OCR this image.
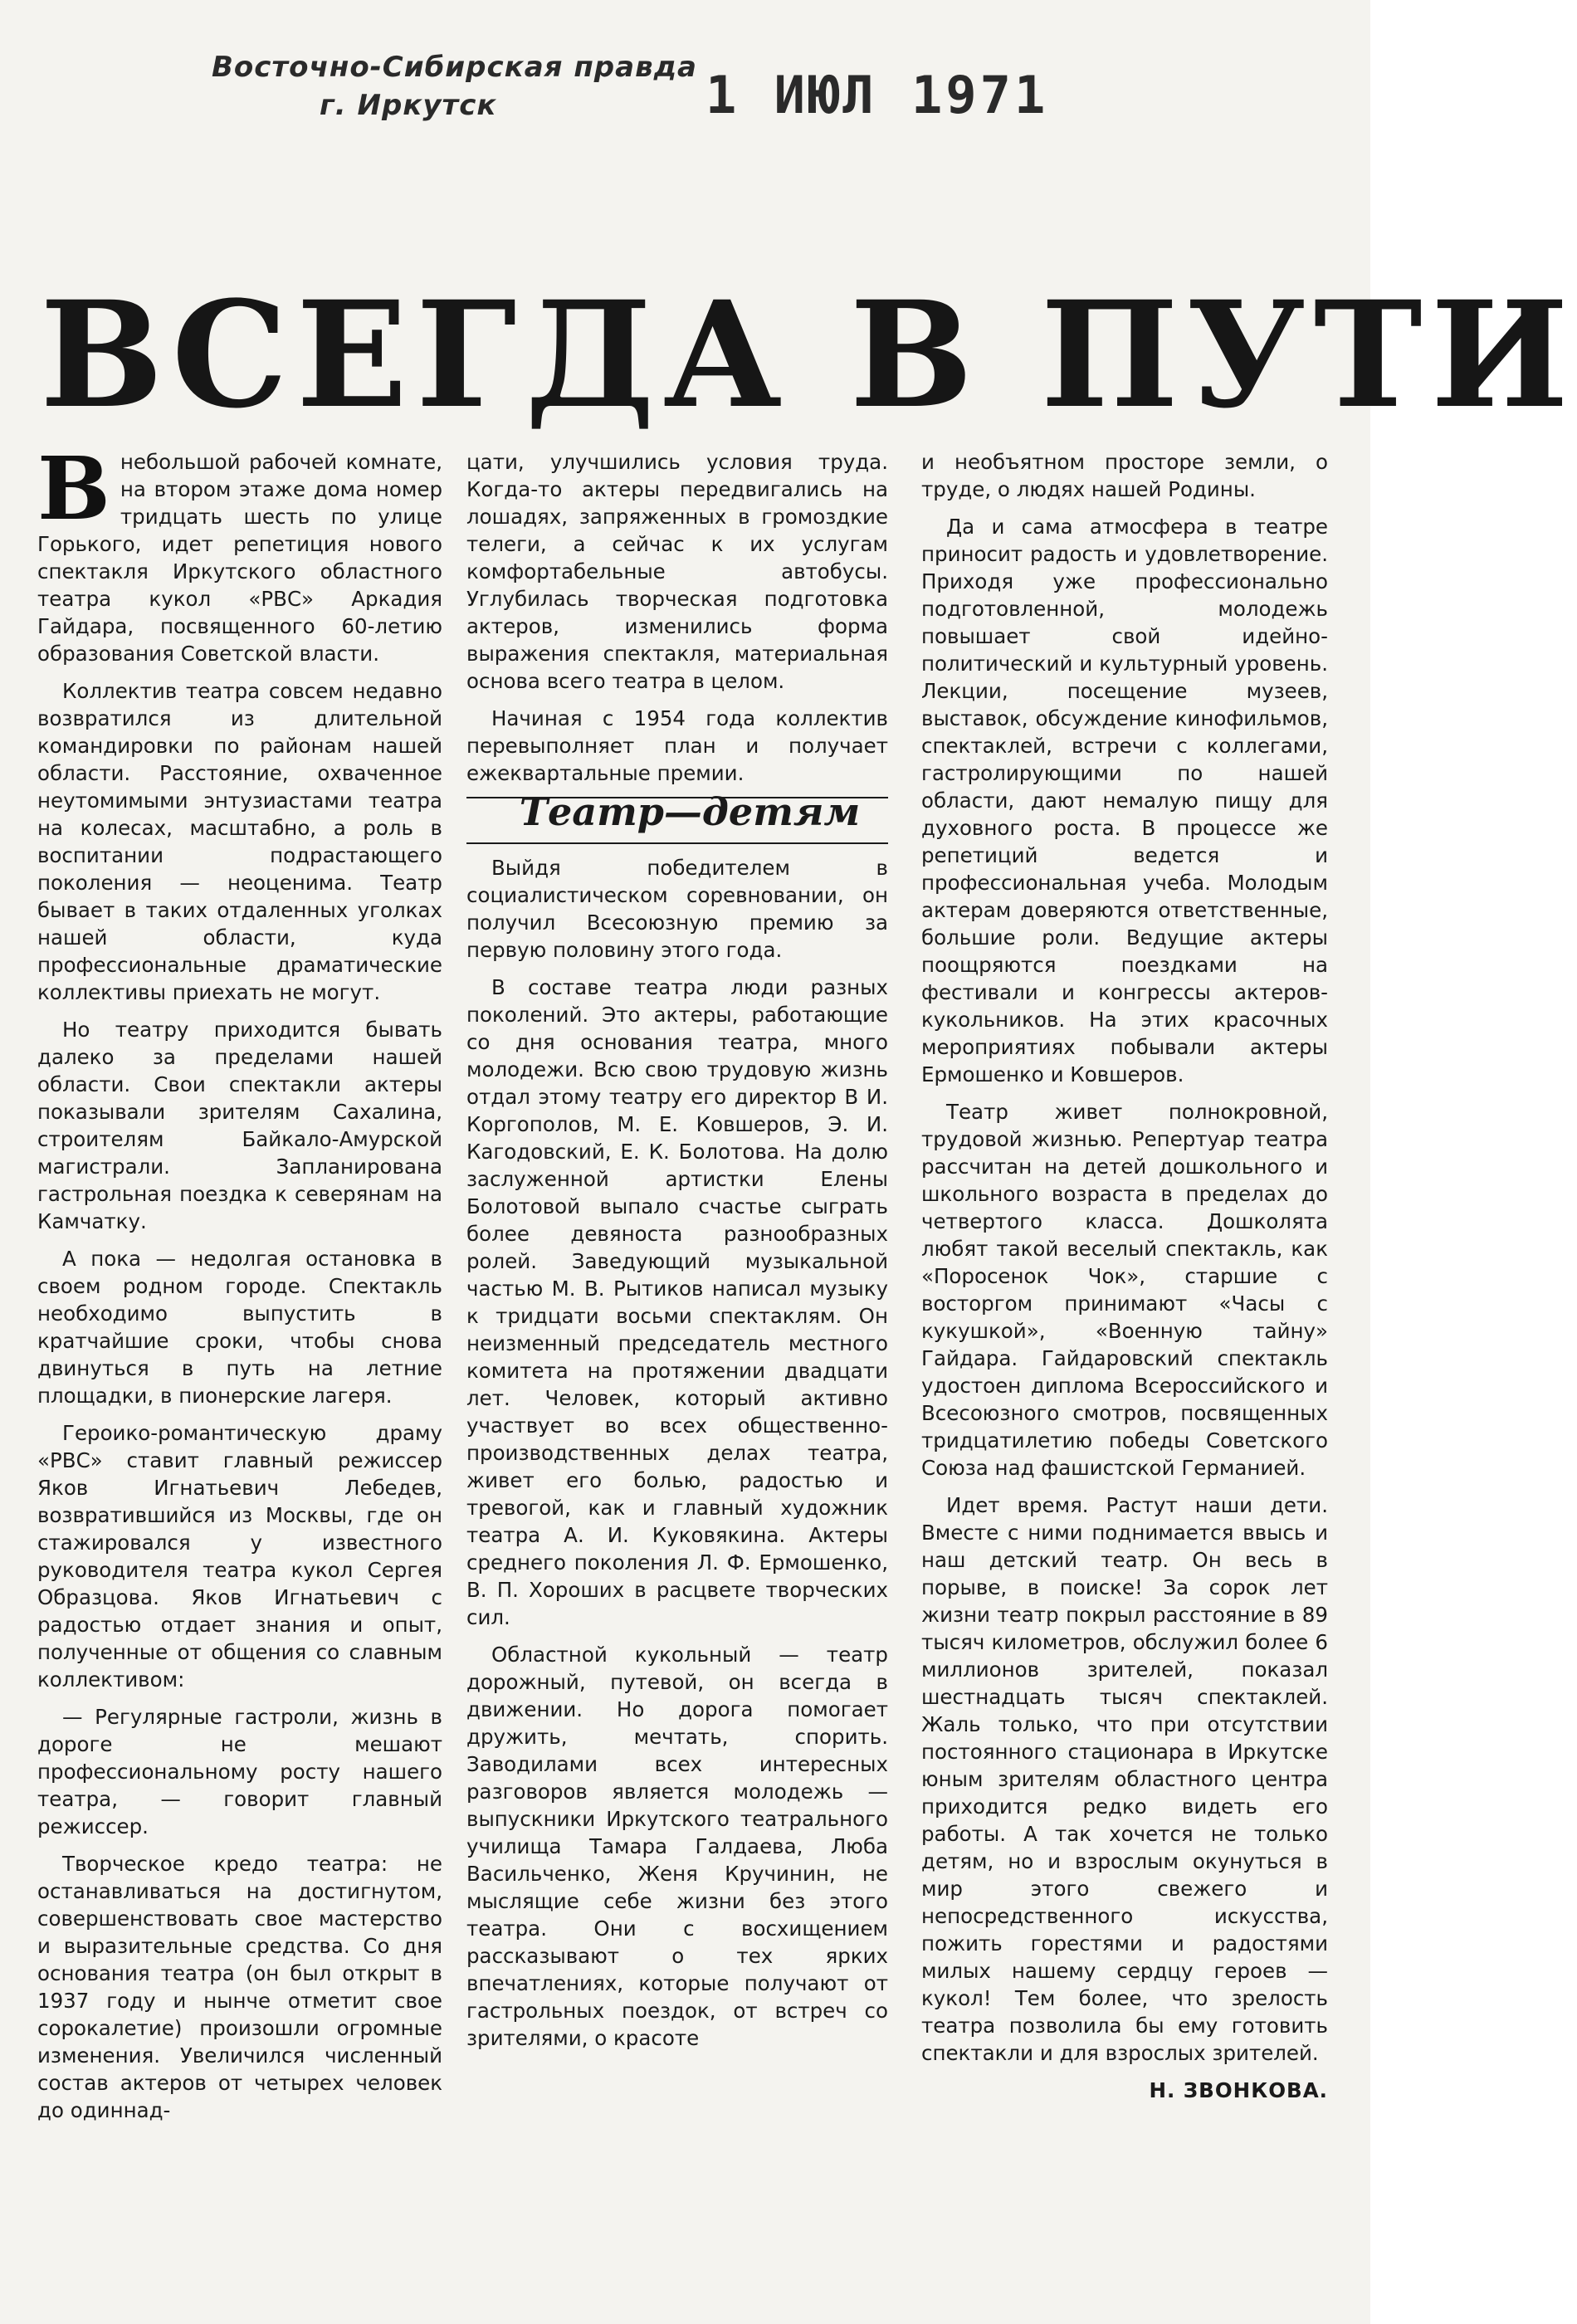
Восточно-Сибирская правда
г. Иркутск	1 ИЮЛ 1971
ВСЕГДА В ПУТИ

Внебольшой рабочей комнате, на втором этаже дома номер тридцать шесть по улице Горького, идет репетиция нового спектакля Иркутского областного театра кукол «РВС» Аркадия Гайдара, посвященного 60-летию образования Советской власти.

Коллектив театра совсем недавно возвратился из длительной командировки по районам нашей области. Расстояние, охваченное неутомимыми энтузиастами театра на колесах, масштабно, а роль в воспитании подрастающего поколения — неоценима. Театр бывает в таких отдаленных уголках нашей области, куда профессиональные драматические коллективы приехать не могут.

Но театру приходится бывать далеко за пределами нашей области. Свои спектакли актеры показывали зрителям Сахалина, строителям Байкало-Амурской магистрали. Запланирована гастрольная поездка к северянам на Камчатку.

А пока — недолгая остановка в своем родном городе. Спектакль необходимо выпустить в кратчайшие сроки, чтобы снова двинуться в путь на летние площадки, в пионерские лагеря.

Героико-романтическую драму «РВС» ставит главный режиссер Яков Игнатьевич Лебедев, возвратившийся из Москвы, где он стажировался у известного руководителя театра кукол Сергея Образцова. Яков Игнатьевич с радостью отдает знания и опыт, полученные от общения со славным коллективом:

— Регулярные гастроли, жизнь в дороге не мешают профессиональному росту нашего театра, — говорит главный режиссер.

Творческое кредо театра: не останавливаться на достигнутом, совершенствовать свое мастерство и выразительные средства. Со дня основания театра (он был открыт в 1937 году и нынче отметит свое сорокалетие) произошли огромные изменения. Увеличился численный состав актеров от четырех человек до одиннад-

цати, улучшились условия труда. Когда-то актеры передвигались на лошадях, запряженных в громоздкие телеги, а сейчас к их услугам комфортабельные автобусы. Углубилась творческая подготовка актеров, изменились форма выражения спектакля, материальная основа всего театра в целом.

Начиная с 1954 года коллектив перевыполняет план и получает ежеквартальные премии.

Театр—детям

Выйдя победителем в социалистическом соревновании, он получил Всесоюзную премию за первую половину этого года.

В составе театра люди разных поколений. Это актеры, работающие со дня основания театра, много молодежи. Всю свою трудовую жизнь отдал этому театру его директор В И. Коргополов, М. Е. Ковшеров, Э. И. Кагодовский, Е. К. Болотова. На долю заслуженной артистки Елены Болотовой выпало счастье сыграть более девяноста разнообразных ролей. Заведующий музыкальной частью М. В. Рытиков написал музыку к тридцати восьми спектаклям. Он неизменный председатель местного комитета на протяжении двадцати лет. Человек, который активно участвует во всех общественно-производственных делах театра, живет его болью, радостью и тревогой, как и главный художник театра А. И. Куковякина. Актеры среднего поколения Л. Ф. Ермошенко, В. П. Хороших в расцвете творческих сил.

Областной кукольный — театр дорожный, путевой, он всегда в движении. Но дорога помогает дружить, мечтать, спорить. Заводилами всех интересных разговоров является молодежь — выпускники Иркутского театрального училища Тамара Галдаева, Люба Васильченко, Женя Кручинин, не мыслящие себе жизни без этого театра. Они с восхищением рассказывают о тех ярких впечатлениях, которые получают от гастрольных поездок, от встреч со зрителями, о красоте

и необъятном просторе земли, о труде, о людях нашей Родины.

Да и сама атмосфера в театре приносит радость и удовлетворение. Приходя уже профессионально подготовленной, молодежь повышает свой идейно-политический и культурный уровень. Лекции, посещение музеев, выставок, обсуждение кинофильмов, спектаклей, встречи с коллегами, гастролирующими по нашей области, дают немалую пищу для духовного роста. В процессе же репетиций ведется и профессиональная учеба. Молодым актерам доверяются ответственные, большие роли. Ведущие актеры поощряются поездками на фестивали и конгрессы актеров-кукольников. На этих красочных мероприятиях побывали актеры Ермошенко и Ковшеров.

Театр живет полнокровной, трудовой жизнью. Репертуар театра рассчитан на детей дошкольного и школьного возраста в пределах до четвертого класса. Дошколята любят такой веселый спектакль, как «Поросенок Чок», старшие с восторгом принимают «Часы с кукушкой», «Военную тайну» Гайдара. Гайдаровский спектакль удостоен диплома Всероссийского и Всесоюзного смотров, посвященных тридцатилетию победы Советского Союза над фашистской Германией.

Идет время. Растут наши дети. Вместе с ними поднимается ввысь и наш детский театр. Он весь в порыве, в поиске! За сорок лет жизни театр покрыл расстояние в 89 тысяч километров, обслужил более 6 миллионов зрителей, показал шестнадцать тысяч спектаклей. Жаль только, что при отсутствии постоянного стационара в Иркутске юным зрителям областного центра приходится редко видеть его работы. А так хочется не только детям, но и взрослым окунуться в мир этого свежего и непосредственного искусства, пожить горестями и радостями милых нашему сердцу героев — кукол! Тем более, что зрелость театра позволила бы ему готовить спектакли и для взрослых зрителей.

Н. ЗВОНКОВА.
